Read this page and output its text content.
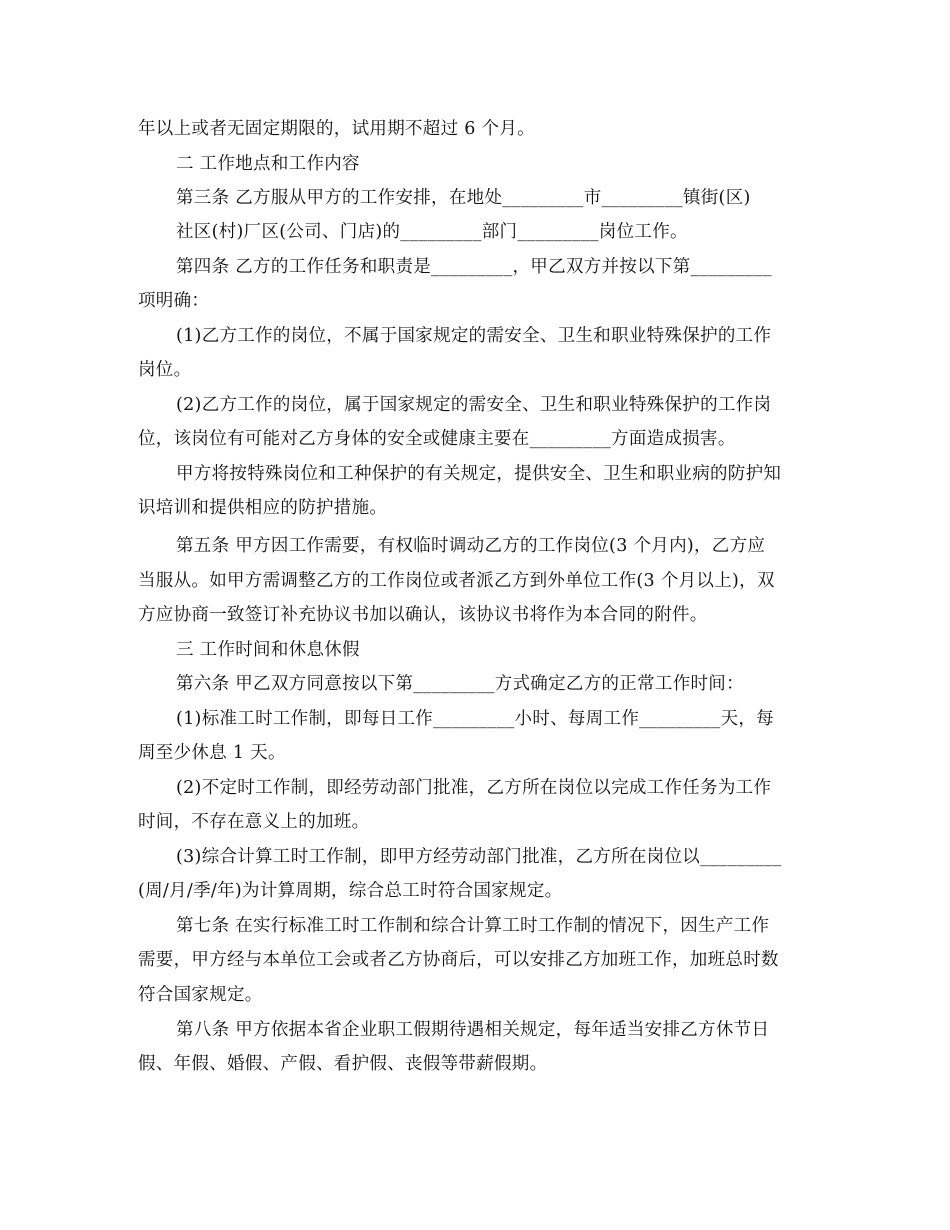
年以上或者无固定期限的，试用期不超过 6 个月。
二 工作地点和工作内容
第三条 乙方服从甲方的工作安排，在地处_________市_________镇街(区)
社区(村)厂区(公司、门店)的_________部门_________岗位工作。
第四条 乙方的工作任务和职责是_________，甲乙双方并按以下第_________
项明确：
(1)乙方工作的岗位，不属于国家规定的需安全、卫生和职业特殊保护的工作
岗位。
(2)乙方工作的岗位，属于国家规定的需安全、卫生和职业特殊保护的工作岗
位，该岗位有可能对乙方身体的安全或健康主要在_________方面造成损害。
甲方将按特殊岗位和工种保护的有关规定，提供安全、卫生和职业病的防护知
识培训和提供相应的防护措施。
第五条 甲方因工作需要，有权临时调动乙方的工作岗位(3 个月内)，乙方应
当服从。如甲方需调整乙方的工作岗位或者派乙方到外单位工作(3 个月以上)，双
方应协商一致签订补充协议书加以确认，该协议书将作为本合同的附件。
三 工作时间和休息休假
第六条 甲乙双方同意按以下第_________方式确定乙方的正常工作时间：
(1)标准工时工作制，即每日工作_________小时、每周工作_________天，每
周至少休息 1 天。
(2)不定时工作制，即经劳动部门批准，乙方所在岗位以完成工作任务为工作
时间，不存在意义上的加班。
(3)综合计算工时工作制，即甲方经劳动部门批准，乙方所在岗位以_________
(周/月/季/年)为计算周期，综合总工时符合国家规定。
第七条 在实行标准工时工作制和综合计算工时工作制的情况下，因生产工作
需要，甲方经与本单位工会或者乙方协商后，可以安排乙方加班工作，加班总时数
符合国家规定。
第八条 甲方依据本省企业职工假期待遇相关规定，每年适当安排乙方休节日
假、年假、婚假、产假、看护假、丧假等带薪假期。
